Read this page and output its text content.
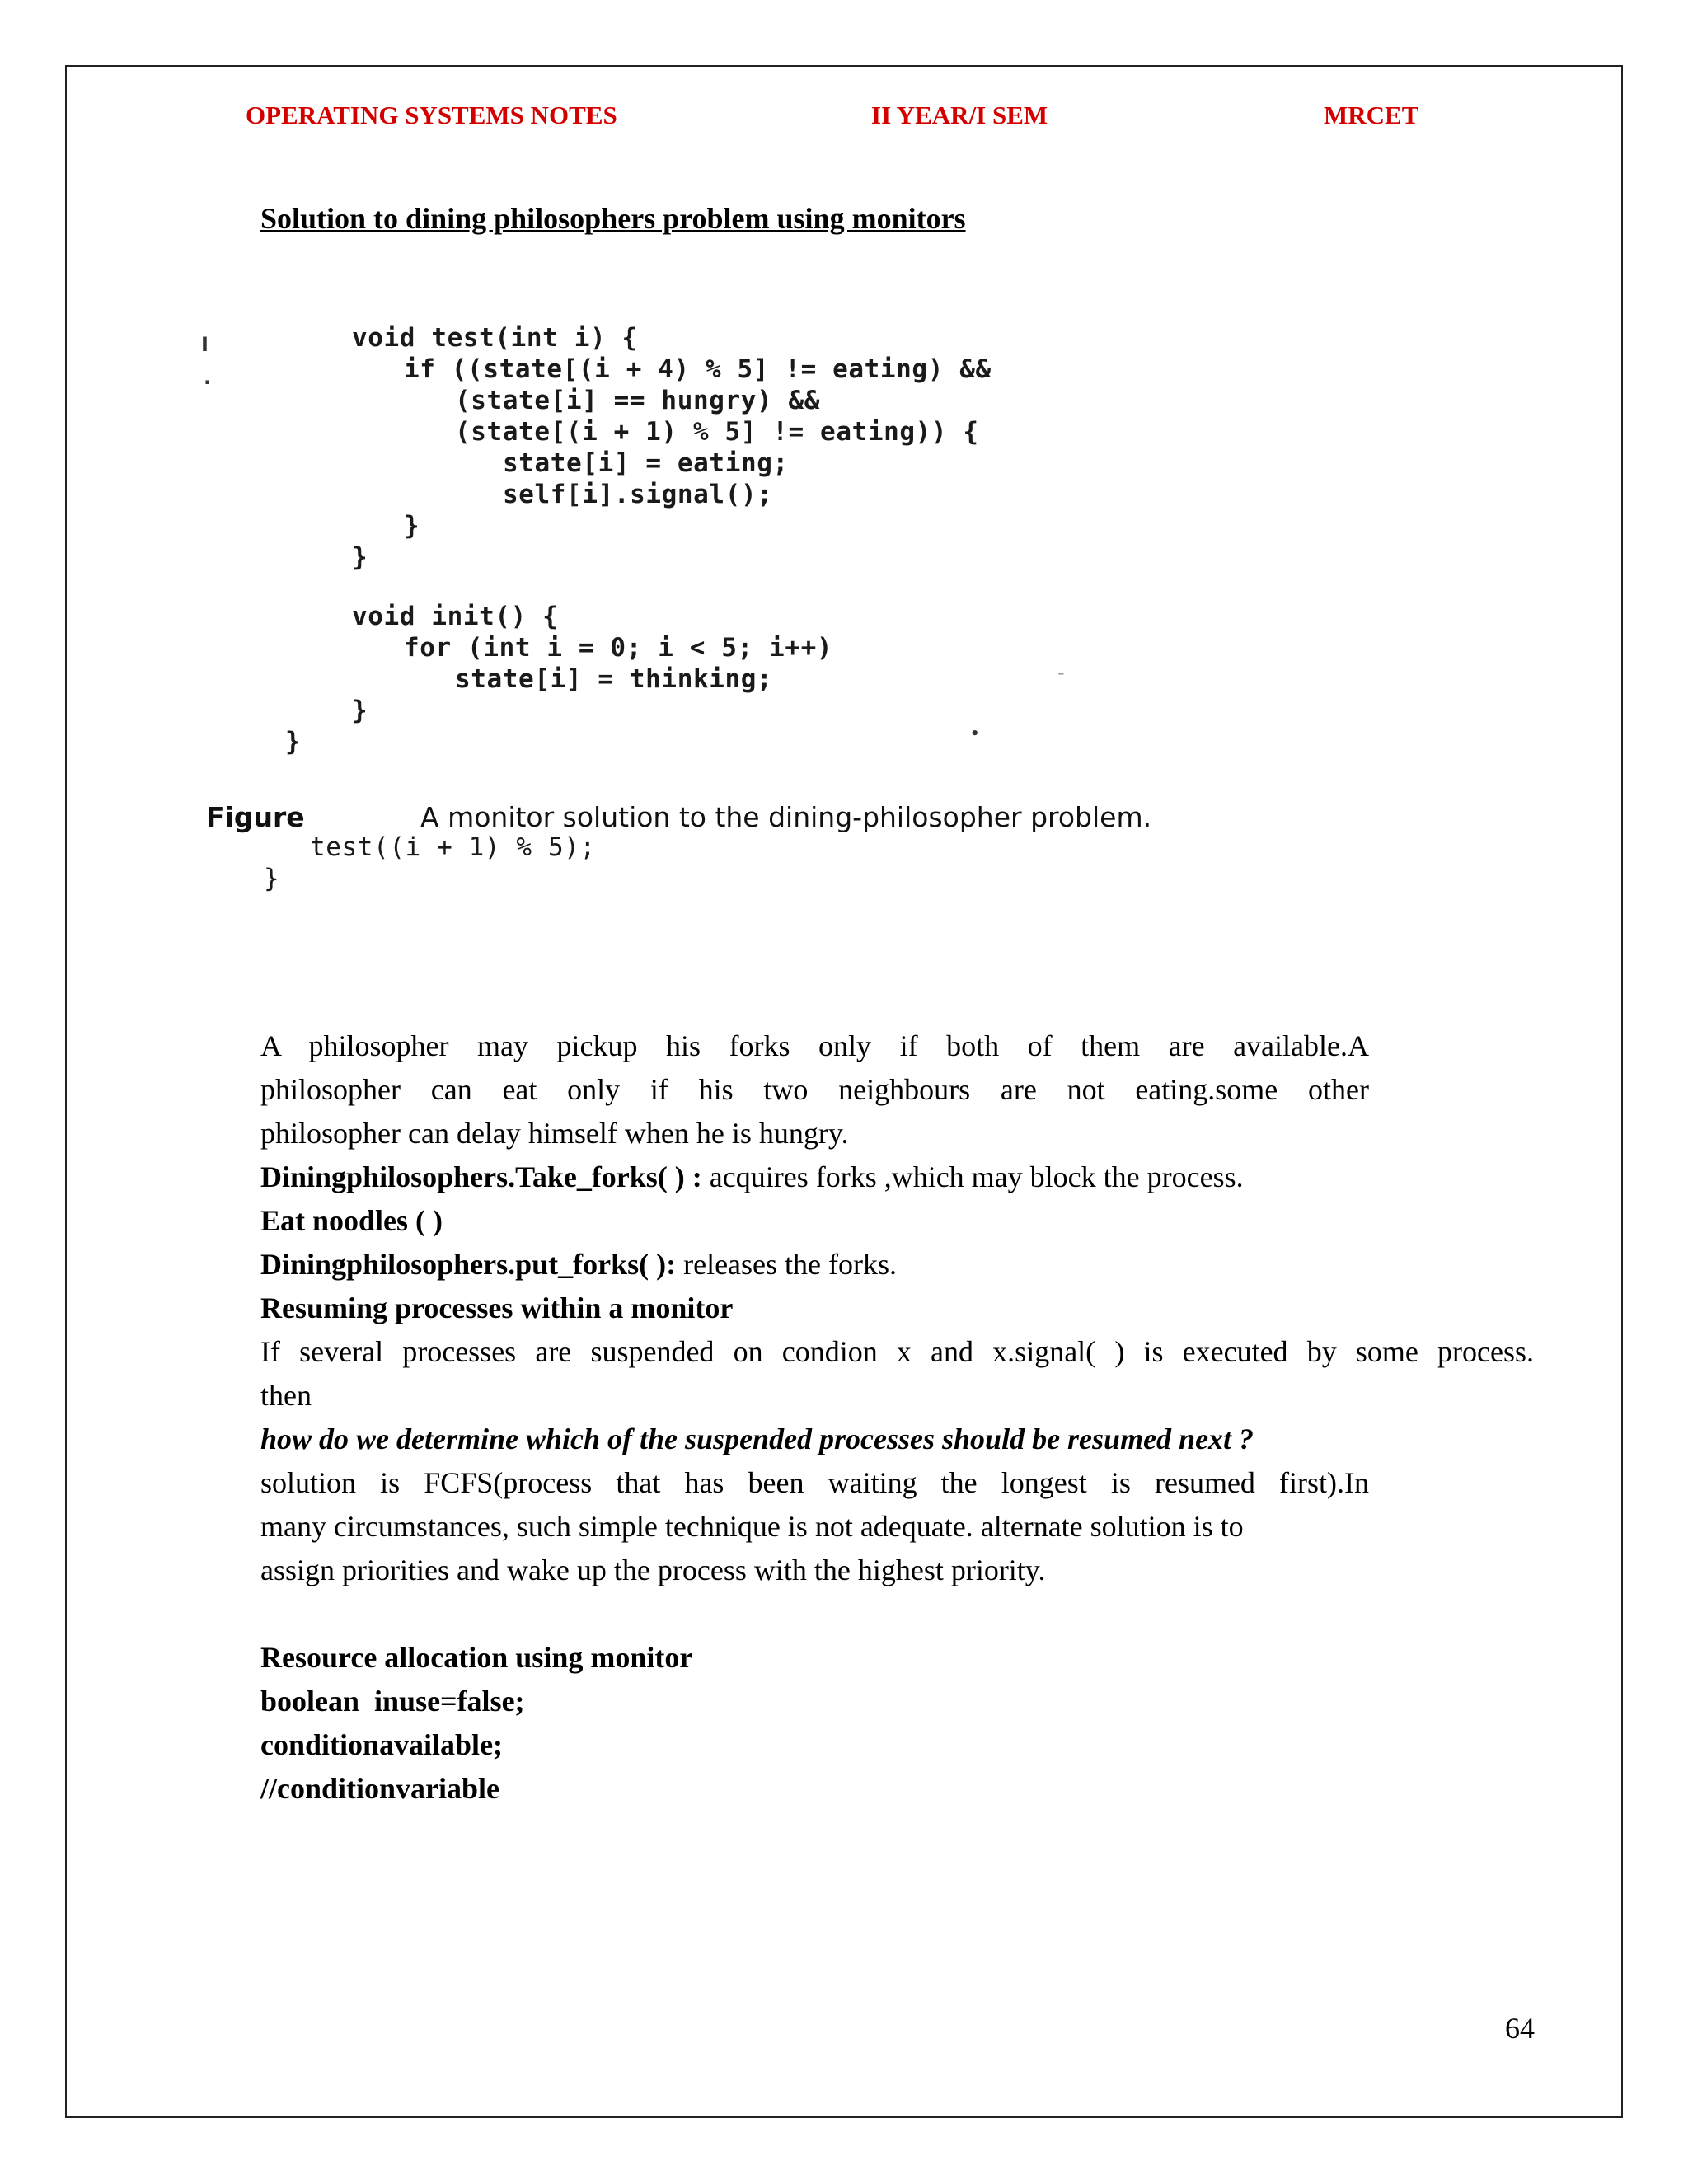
OPERATING SYSTEMS NOTES	II YEAR/I SEM	MRCET
Solution to dining philosophers problem using monitors
I
.
-
•
void test(int i) {
if ((state[(i + 4) % 5] != eating) &&
(state[i] == hungry) &&
(state[(i + 1) % 5] != eating)) {
state[i] = eating;
self[i].signal();
}
}
void init() {
for (int i = 0; i < 5; i++)
state[i] = thinking;
}
}
Figure	A monitor solution to the dining-philosopher problem.
test((i + 1) % 5);
}
A philosopher may pickup his forks only if both of them are available.A
philosopher can eat only if his two neighbours are not eating.some other
philosopher can delay himself when he is hungry.
Diningphilosophers.Take_forks( ) : acquires forks ,which may block the process.
Eat noodles ( )
Diningphilosophers.put_forks( ): releases the forks.
Resuming processes within a monitor
If several processes are suspended on condion x and x.signal( ) is executed by some process.
then
how do we determine which of the suspended processes should be resumed next ?
solution is FCFS(process that has been waiting the longest is resumed first).In
many circumstances, such simple technique is not adequate. alternate solution is to
assign priorities and wake up the process with the highest priority.
Resource allocation using monitor
boolean  inuse=false;
conditionavailable;
//conditionvariable
64
